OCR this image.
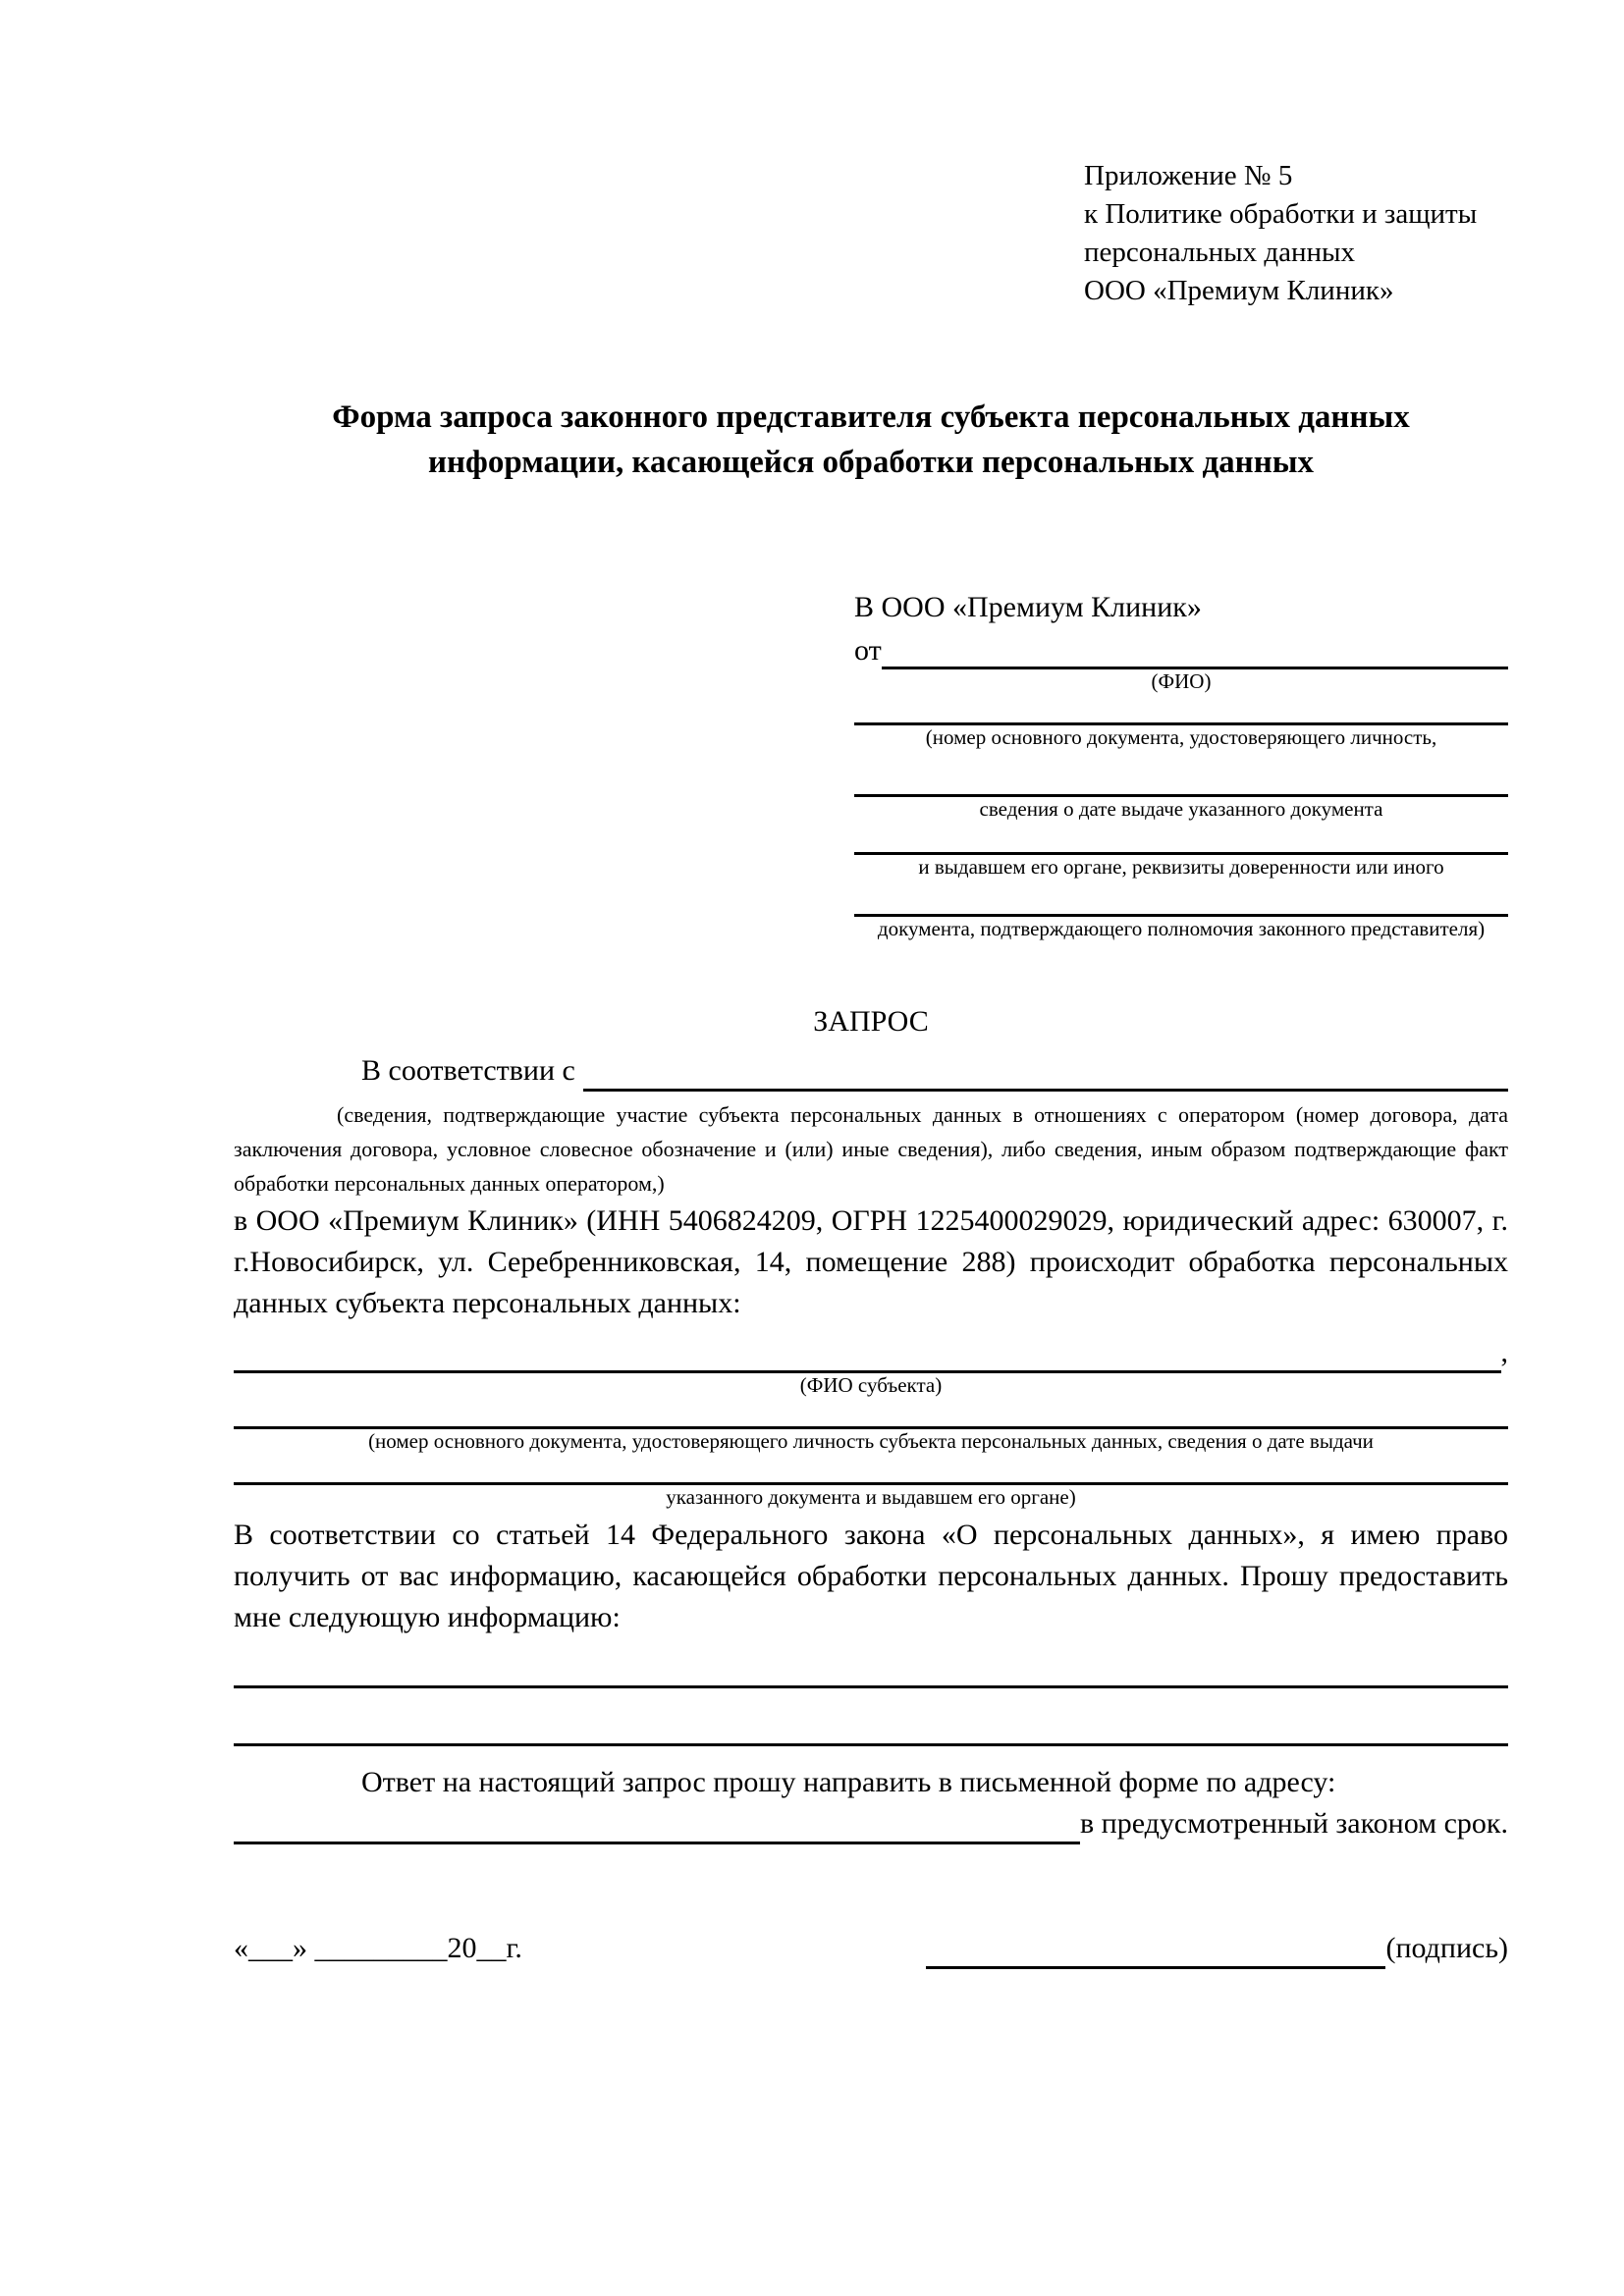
Приложение № 5
к Политике обработки и защиты
персональных данных
ООО «Премиум Клиник»
Форма запроса законного представителя субъекта персональных данных информации, касающейся обработки персональных данных
В ООО «Премиум Клиник»
от
(ФИО)
(номер основного документа, удостоверяющего личность,
сведения о дате выдаче указанного документа
и выдавшем его органе, реквизиты доверенности или иного
документа, подтверждающего полномочия законного представителя)
ЗАПРОС
В соответствии с
(сведения, подтверждающие участие субъекта персональных данных в отношениях с оператором (номер договора, дата заключения договора, условное словесное обозначение и (или) иные сведения), либо сведения, иным образом подтверждающие факт обработки персональных данных оператором,)
в ООО «Премиум Клиник» (ИНН 5406824209, ОГРН 1225400029029, юридический адрес: 630007, г. г.Новосибирск, ул. Серебренниковская, 14, помещение 288) происходит обработка персональных данных субъекта персональных данных:
,
(ФИО субъекта)
(номер основного документа, удостоверяющего личность субъекта персональных данных, сведения о дате выдачи
указанного документа и выдавшем его органе)
В соответствии со статьей 14 Федерального закона «О персональных данных», я имею право получить от вас информацию, касающейся обработки персональных данных. Прошу предоставить мне следующую информацию:
Ответ на настоящий запрос прошу направить в письменной форме по адресу:
в предусмотренный законом срок.
«___» _________20__г.	(подпись)
